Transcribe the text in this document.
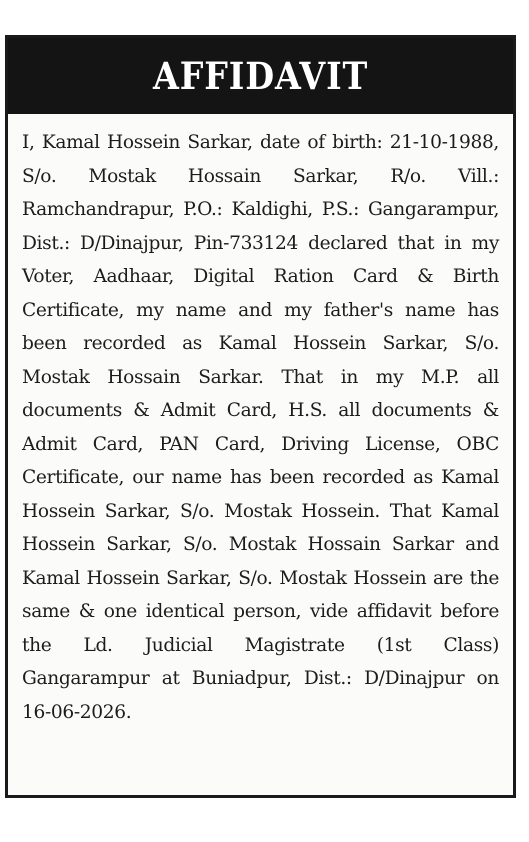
AFFIDAVIT

I, Kamal Hossein Sarkar, date of birth: 21-10-1988, S/o. Mostak Hossain Sarkar, R/o. Vill.: Ramchandrapur, P.O.: Kaldighi, P.S.: Gangarampur, Dist.: D/Dinajpur, Pin-733124 declared that in my Voter, Aadhaar, Digital Ration Card & Birth Certificate, my name and my father's name has been recorded as Kamal Hossein Sarkar, S/o. Mostak Hossain Sarkar. That in my M.P. all documents & Admit Card, H.S. all documents & Admit Card, PAN Card, Driving License, OBC Certificate, our name has been recorded as Kamal Hossein Sarkar, S/o. Mostak Hossein. That Kamal Hossein Sarkar, S/o. Mostak Hossain Sarkar and Kamal Hossein Sarkar, S/o. Mostak Hossein are the same & one identical person, vide affidavit before the Ld. Judicial Magistrate (1st Class) Gangarampur at Buniadpur, Dist.: D/Dinajpur on 16-06-2026.
